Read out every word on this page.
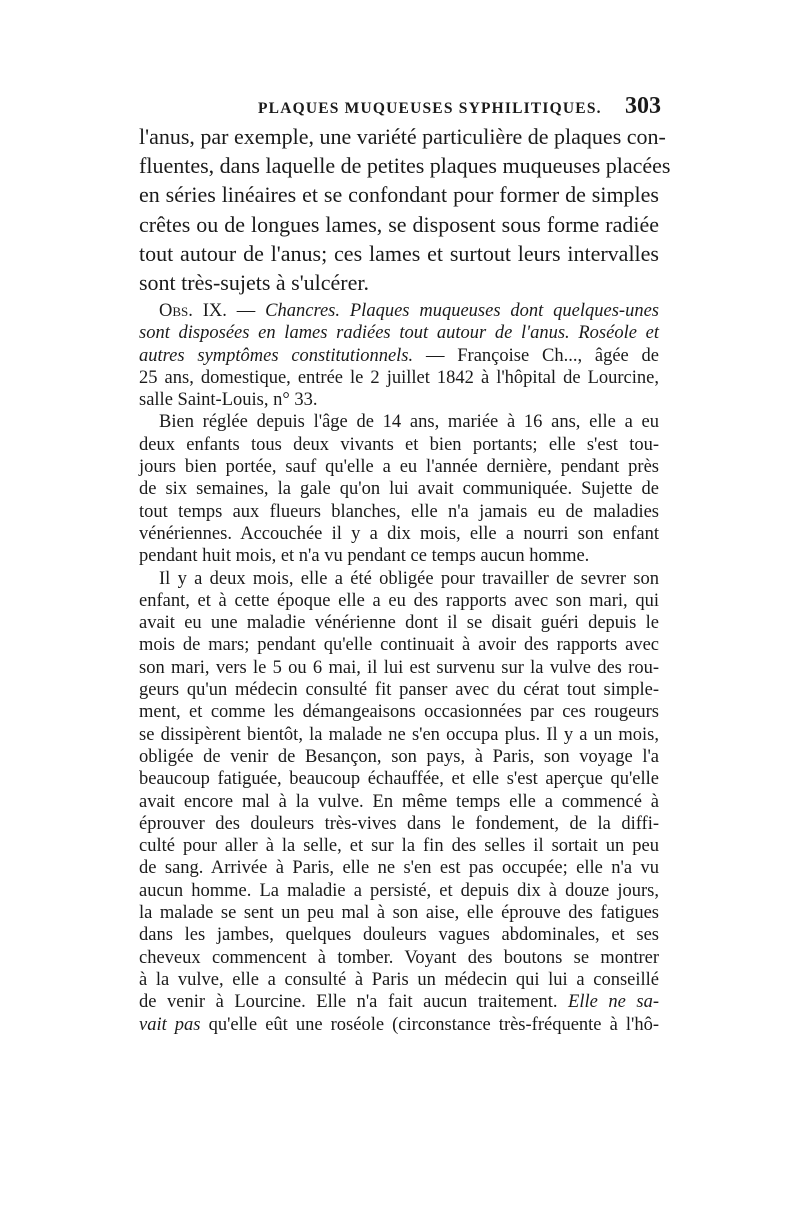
PLAQUES MUQUEUSES SYPHILITIQUES. 303
l'anus, par exemple, une variété particulière de plaques con-
fluentes, dans laquelle de petites plaques muqueuses placées
en séries linéaires et se confondant pour former de simples
crêtes ou de longues lames, se disposent sous forme radiée
tout autour de l'anus; ces lames et surtout leurs intervalles
sont très-sujets à s'ulcérer.
Obs. IX. — Chancres. Plaques muqueuses dont quelques-unes
sont disposées en lames radiées tout autour de l'anus. Roséole et
autres symptômes constitutionnels. — Françoise Ch..., âgée de
25 ans, domestique, entrée le 2 juillet 1842 à l'hôpital de Lourcine,
salle Saint-Louis, n° 33.
Bien réglée depuis l'âge de 14 ans, mariée à 16 ans, elle a eu
deux enfants tous deux vivants et bien portants; elle s'est tou-
jours bien portée, sauf qu'elle a eu l'année dernière, pendant près
de six semaines, la gale qu'on lui avait communiquée. Sujette de
tout temps aux flueurs blanches, elle n'a jamais eu de maladies
vénériennes. Accouchée il y a dix mois, elle a nourri son enfant
pendant huit mois, et n'a vu pendant ce temps aucun homme.
Il y a deux mois, elle a été obligée pour travailler de sevrer son
enfant, et à cette époque elle a eu des rapports avec son mari, qui
avait eu une maladie vénérienne dont il se disait guéri depuis le
mois de mars; pendant qu'elle continuait à avoir des rapports avec
son mari, vers le 5 ou 6 mai, il lui est survenu sur la vulve des rou-
geurs qu'un médecin consulté fit panser avec du cérat tout simple-
ment, et comme les démangeaisons occasionnées par ces rougeurs
se dissipèrent bientôt, la malade ne s'en occupa plus. Il y a un mois,
obligée de venir de Besançon, son pays, à Paris, son voyage l'a
beaucoup fatiguée, beaucoup échauffée, et elle s'est aperçue qu'elle
avait encore mal à la vulve. En même temps elle a commencé à
éprouver des douleurs très-vives dans le fondement, de la diffi-
culté pour aller à la selle, et sur la fin des selles il sortait un peu
de sang. Arrivée à Paris, elle ne s'en est pas occupée; elle n'a vu
aucun homme. La maladie a persisté, et depuis dix à douze jours,
la malade se sent un peu mal à son aise, elle éprouve des fatigues
dans les jambes, quelques douleurs vagues abdominales, et ses
cheveux commencent à tomber. Voyant des boutons se montrer
à la vulve, elle a consulté à Paris un médecin qui lui a conseillé
de venir à Lourcine. Elle n'a fait aucun traitement. Elle ne sa-
vait pas qu'elle eût une roséole (circonstance très-fréquente à l'hô-
